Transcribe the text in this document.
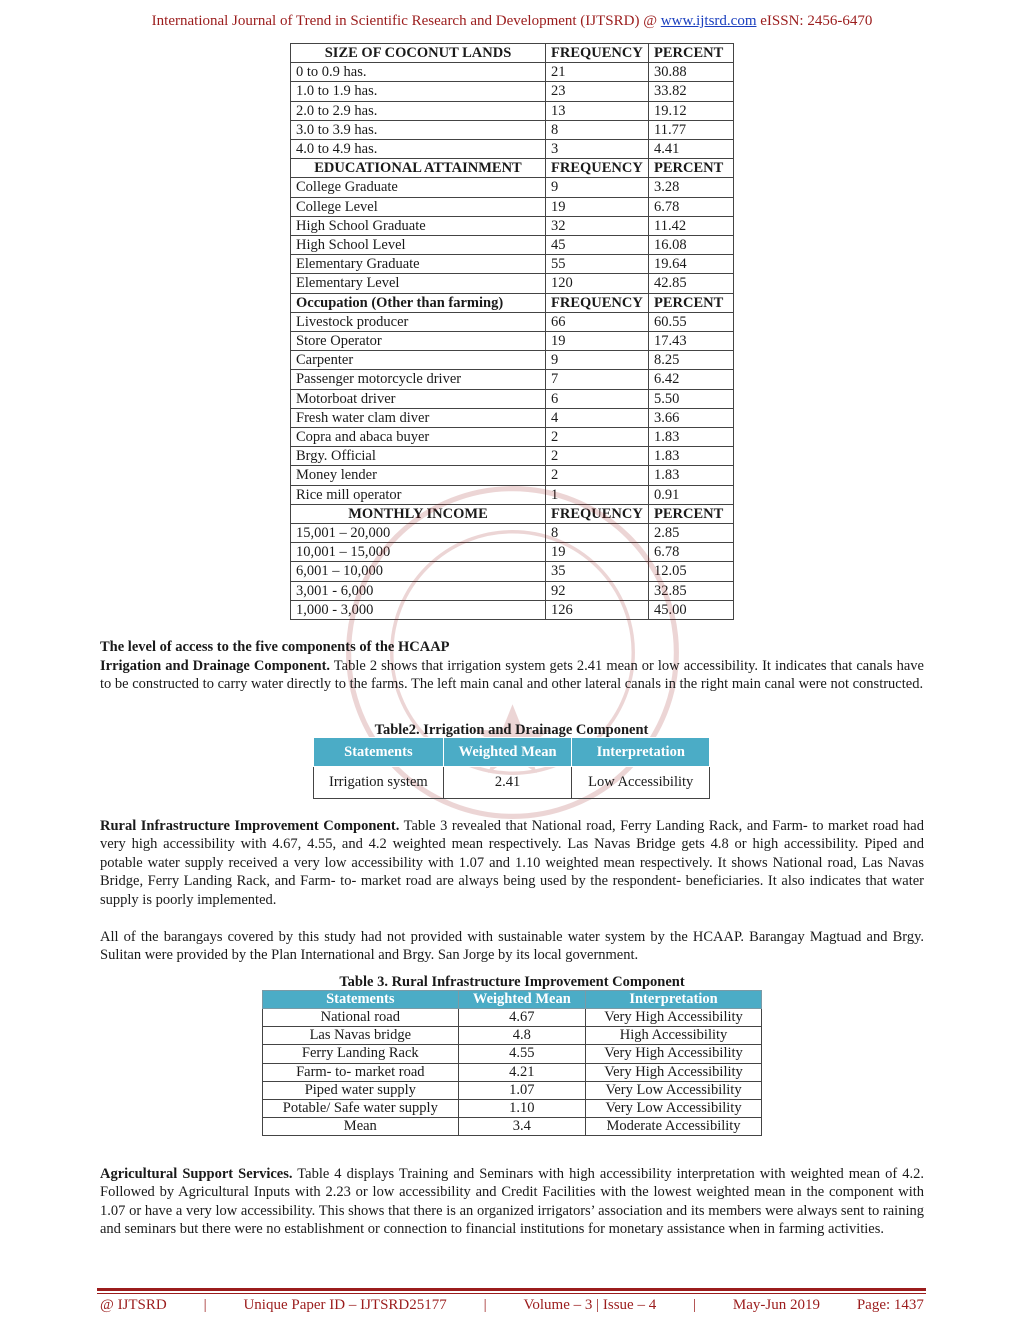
International Journal of Trend in Scientific Research and Development (IJTSRD) @ www.ijtsrd.com eISSN: 2456-6470
SIZE OF COCONUT LANDS	FREQUENCY	PERCENT
0 to 0.9 has.	21	30.88
1.0 to 1.9 has.	23	33.82
2.0 to 2.9 has.	13	19.12
3.0 to 3.9 has.	8	11.77
4.0 to 4.9 has.	3	4.41
EDUCATIONAL ATTAINMENT	FREQUENCY	PERCENT
College Graduate	9	3.28
College Level	19	6.78
High School Graduate	32	11.42
High School Level	45	16.08
Elementary Graduate	55	19.64
Elementary Level	120	42.85
Occupation (Other than farming)	FREQUENCY	PERCENT
Livestock producer	66	60.55
Store Operator	19	17.43
Carpenter	9	8.25
Passenger motorcycle driver	7	6.42
Motorboat driver	6	5.50
Fresh water clam diver	4	3.66
Copra and abaca buyer	2	1.83
Brgy. Official	2	1.83
Money lender	2	1.83
Rice mill operator	1	0.91
MONTHLY INCOME	FREQUENCY	PERCENT
15,001 – 20,000	8	2.85
10,001 – 15,000	19	6.78
6,001 – 10,000	35	12.05
3,001 - 6,000	92	32.85
1,000 - 3,000	126	45.00
The level of access to the five components of the HCAAP

Irrigation and Drainage Component. Table 2 shows that irrigation system gets 2.41 mean or low accessibility. It indicates that canals have to be constructed to carry water directly to the farms. The left main canal and other lateral canals in the right main canal were not constructed.

Table2. Irrigation and Drainage Component
Statements	Weighted Mean	Interpretation
Irrigation system	2.41	Low Accessibility

Rural Infrastructure Improvement Component. Table 3 revealed that National road, Ferry Landing Rack, and Farm- to market road had very high accessibility with 4.67, 4.55, and 4.2 weighted mean respectively. Las Navas Bridge gets 4.8 or high accessibility. Piped and potable water supply received a very low accessibility with 1.07 and 1.10 weighted mean respectively. It shows National road, Las Navas Bridge, Ferry Landing Rack, and Farm- to- market road are always being used by the respondent- beneficiaries. It also indicates that water supply is poorly implemented.

All of the barangays covered by this study had not provided with sustainable water system by the HCAAP. Barangay Magtuad and Brgy. Sulitan were provided by the Plan International and Brgy. San Jorge by its local government.

Table 3. Rural Infrastructure Improvement Component
Statements	Weighted Mean	Interpretation
National road	4.67	Very High Accessibility
Las Navas bridge	4.8	High Accessibility
Ferry Landing Rack	4.55	Very High Accessibility
Farm- to- market road	4.21	Very High Accessibility
Piped water supply	1.07	Very Low Accessibility
Potable/ Safe water supply	1.10	Very Low Accessibility
Mean	3.4	Moderate Accessibility

Agricultural Support Services. Table 4 displays Training and Seminars with high accessibility interpretation with weighted mean of 4.2. Followed by Agricultural Inputs with 2.23 or low accessibility and Credit Facilities with the lowest weighted mean in the component with 1.07 or have a very low accessibility. This shows that there is an organized irrigators’ association and its members were always sent to raining and seminars but there were no establishment or connection to financial institutions for monetary assistance when in farming activities.

@ IJTSRD | Unique Paper ID – IJTSRD25177 | Volume – 3 | Issue – 4 | May-Jun 2019 Page: 1437
